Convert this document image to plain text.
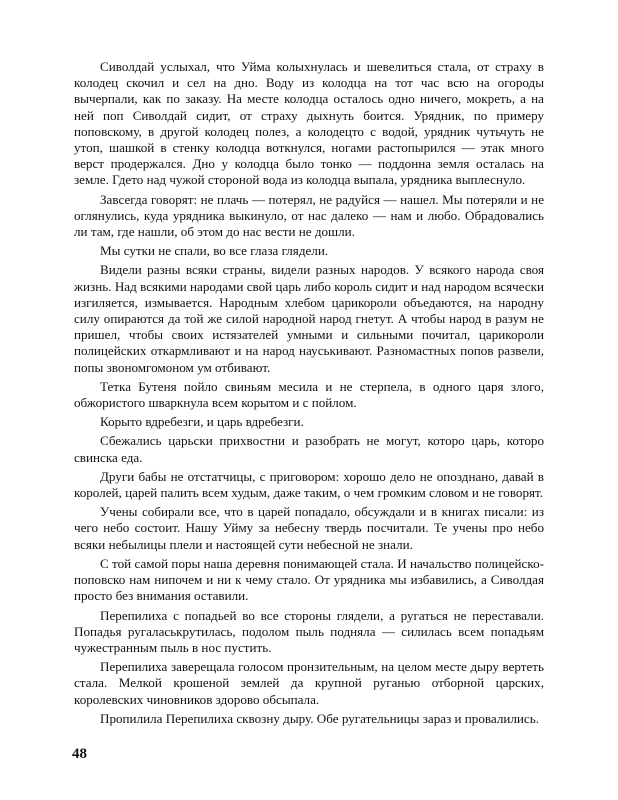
Сиволдай услыхал, что Уйма колыхнулась и шевелиться стала, от страху в колодец скочил и сел на дно. Воду из колодца на тот час всю на огороды вычерпали, как по заказу. На месте колодца осталось одно ничего, мокреть, а на ней поп Сиволдай сидит, от страху дыхнуть боится. Урядник, по примеру поповскому, в другой колодец полез, а колодецто с водой, урядник чутьчуть не утоп, шашкой в стенку колодца воткнулся, ногами растопырился — этак много верст продержался. Дно у колодца было тонко — поддонна земля осталась на земле. Гдето над чужой стороной вода из колодца выпала, урядника выплеснуло.

Завсегда говорят: не плачь — потерял, не радуйся — нашел. Мы потеряли и не оглянулись, куда урядника выкинуло, от нас далеко — нам и любо. Обрадовались ли там, где нашли, об этом до нас вести не дошли.

Мы сутки не спали, во все глаза глядели.

Видели разны всяки страны, видели разных народов. У всякого народа своя жизнь. Над всякими народами свой царь либо король сидит и над народом всячески изгиляется, измывается. Народным хлебом царикороли объедаются, на народну силу опираются да той же силой народной народ гнетут. А чтобы народ в разум не пришел, чтобы своих истязателей умными и сильными почитал, царикороли полицейских откармливают и на народ науськивают. Разномастных попов развели, попы звономгомоном ум отбивают.

Тетка Бутеня пойло свиньям месила и не стерпела, в одного царя злого, обжористого шваркнула всем корытом и с пойлом.

Корыто вдребезги, и царь вдребезги.

Сбежались царьски прихвостни и разобрать не могут, которо царь, которо свинска еда.

Други бабы не отстатчицы, с приговором: хорошо дело не опозднано, давай в королей, царей палить всем худым, даже таким, о чем громким словом и не говорят.

Учены собирали все, что в царей попадало, обсуждали и в книгах писали: из чего небо состоит. Нашу Уйму за небесну твердь посчитали. Те учены про небо всяки небылицы плели и настоящей сути небесной не знали.

С той самой поры наша деревня понимающей стала. И начальство полицейскопоповско нам нипочем и ни к чему стало. От урядника мы избавились, а Сиволдая просто без внимания оставили.

Перепилиха с попадьей во все стороны глядели, а ругаться не переставали. Попадья ругаласькрутилась, подолом пыль подняла — силилась всем попадьям чужестранным пыль в нос пустить.

Перепилиха заверещала голосом пронзительным, на целом месте дыру вертеть стала. Мелкой крошеной землей да крупной руганью отборной царских, королевских чиновников здорово обсыпала.

Пропилила Перепилиха сквозну дыру. Обе ругательницы зараз и провалились.

48
